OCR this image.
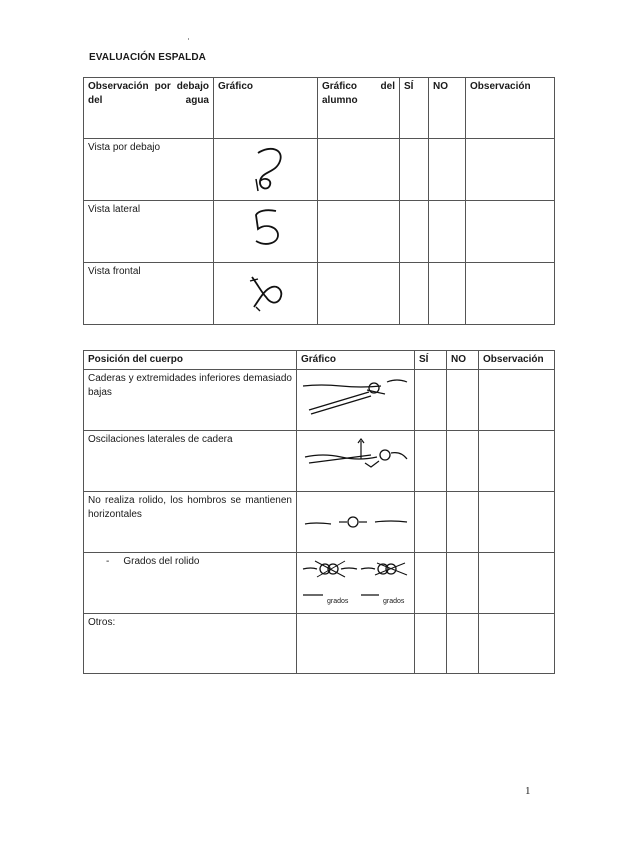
EVALUACIÓN ESPALDA
Observación por debajo del agua	Gráfico	Gráfico del alumno	SÍ	NO	Observación
Vista por debajo	

Vista lateral	

Vista frontal	

Posición del cuerpo	Gráfico	SÍ	NO	Observación
Caderas y extremidades inferiores demasiado bajas	

Oscilaciones laterales de cadera	

No realiza rolido, los hombros se mantienen horizontales	

- Grados del rolido	grados grados			

Otros:				
1
